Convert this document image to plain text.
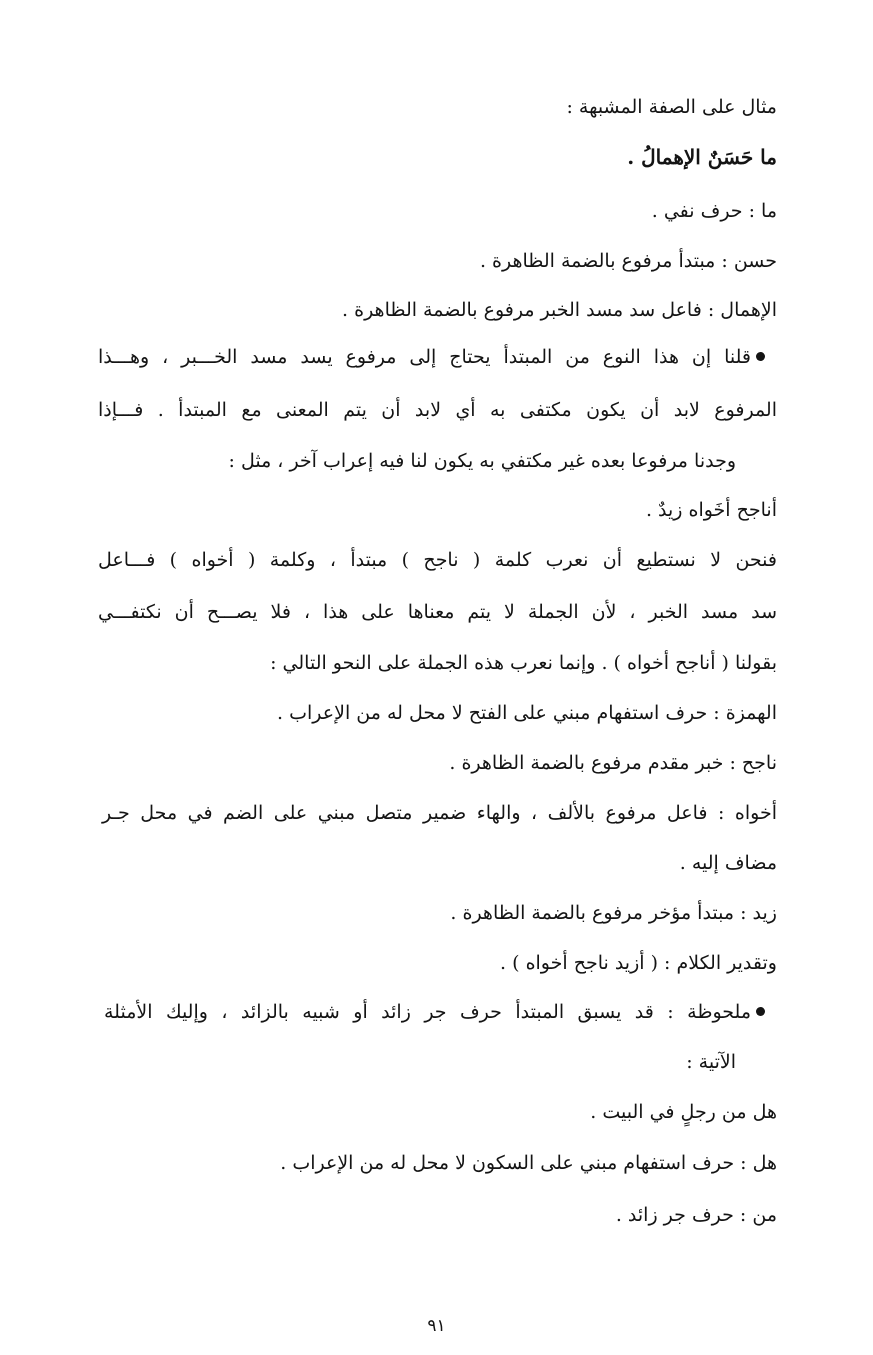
مثال على الصفة المشبهة :
ما حَسَنٌ الإهمالُ .
ما : حرف نفي .
حسن : مبتدأ مرفوع بالضمة الظاهرة .
الإهمال : فاعل سد مسد الخبر مرفوع بالضمة الظاهرة .
قلنا إن هذا النوع من المبتدأ يحتاج إلى مرفوع يسد مسد الخـــبر ، وهـــذا
المرفوع لابد أن يكون مكتفى به أي لابد أن يتم المعنى مع المبتدأ . فـــإذا
وجدنا مرفوعا بعده غير مكتفي به يكون لنا فيه إعراب آخر ، مثل :
أناجح أخَواه زيدٌ .
فنحن لا نستطيع أن نعرب كلمة ( ناجح ) مبتدأ ، وكلمة ( أخواه ) فـــاعل
سد مسد الخبر ، لأن الجملة لا يتم معناها على هذا ، فلا يصـــح أن نكتفـــي
بقولنا ( أناجح أخواه ) . وإنما نعرب هذه الجملة على النحو التالي :
الهمزة : حرف استفهام مبني على الفتح لا محل له من الإعراب .
ناجح : خبر مقدم مرفوع بالضمة الظاهرة .
أخواه : فاعل مرفوع بالألف ، والهاء ضمير متصل مبني على الضم في محل جـر
مضاف إليه .
زيد : مبتدأ مؤخر مرفوع بالضمة الظاهرة .
وتقدير الكلام : ( أزيد ناجح أخواه ) .
ملحوظة : قد يسبق المبتدأ حرف جر زائد أو شبيه بالزائد ، وإليك الأمثلة
الآتية :
هل من رجلٍ في البيت .
هل : حرف استفهام مبني على السكون لا محل له من الإعراب .
من : حرف جر زائد .
٩١
